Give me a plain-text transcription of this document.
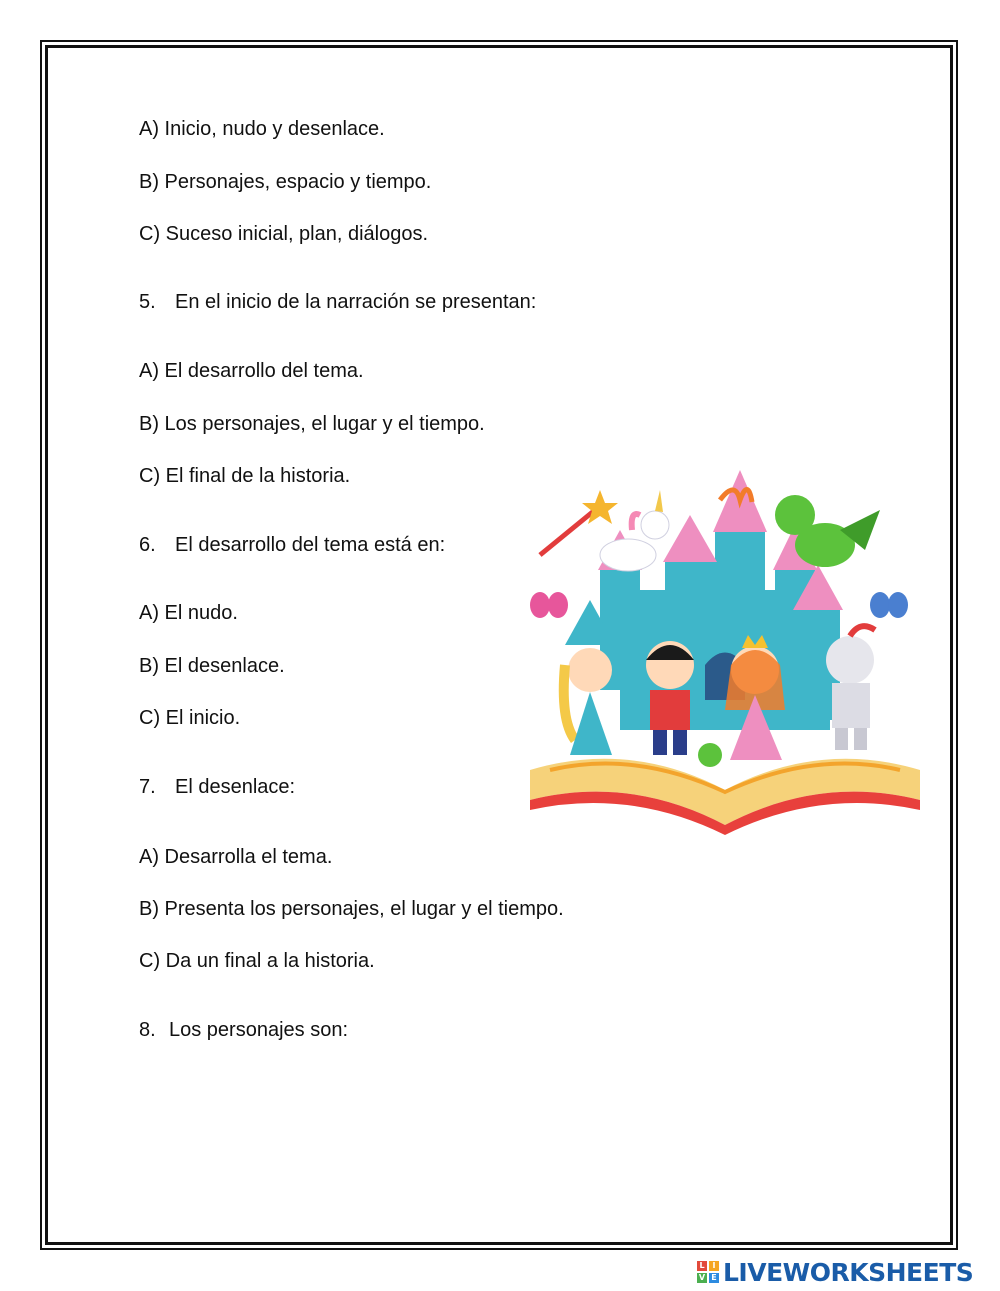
A) Inicio, nudo y desenlace.
B) Personajes, espacio y tiempo.
C) Suceso inicial, plan, diálogos.
5. En el inicio de la narración se presentan:
A) El desarrollo del tema.
B) Los personajes, el lugar y el tiempo.
C) El final de la historia.
6. El desarrollo del tema está en:
A) El nudo.
B) El desenlace.
C) El inicio.
7. El desenlace:
A) Desarrolla el tema.
B) Presenta los personajes, el lugar y el tiempo.
C) Da un final a la historia.
8. Los personajes son:
L I
V E LIVEWORKSHEETS
